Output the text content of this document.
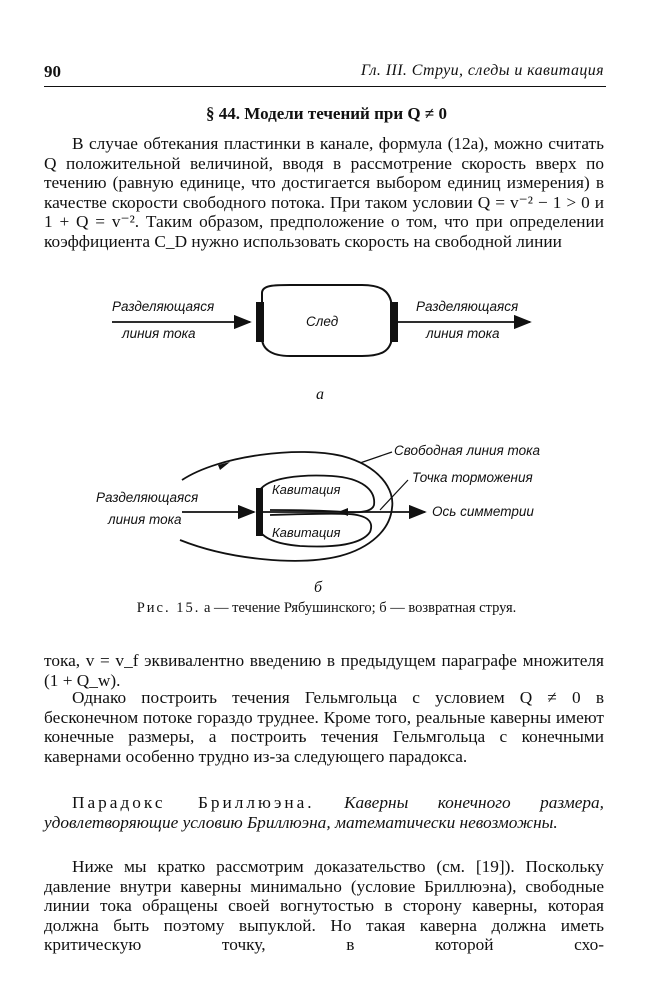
90	Гл. III. Струи, следы и кавитация
§ 44. Модели течений при Q ≠ 0

В случае обтекания пластинки в канале, формула (12а), можно считать Q положительной величиной, вводя в рассмотрение скорость вверх по течению (равную единице, что достигается выбором единиц измерения) в качестве скорости свободного потока. При таком условии Q = v⁻² − 1 > 0 и 1 + Q = v⁻². Таким образом, предположение о том, что при определении коэффициента C_D нужно использовать скорость на свободной линии

Разделяющаяся
линия тока
След
Разделяющаяся
линия тока
а
Разделяющаяся
линия тока
Свободная линия тока
Точка торможения
Ось симметрии
Кавитация
Кавитация
б
Рис. 15. а — течение Рябушинского; б — возвратная струя.

тока, v = v_f эквивалентно введению в предыдущем параграфе множителя (1 + Q_w).

Однако построить течения Гельмгольца с условием Q ≠ 0 в бесконечном потоке гораздо труднее. Кроме того, реальные каверны имеют конечные размеры, а построить течения Гельмгольца с конечными кавернами особенно трудно из-за следующего парадокса.

Парадокс Бриллюэна. Каверны конечного размера, удовлетворяющие условию Бриллюэна, математически невозможны.

Ниже мы кратко рассмотрим доказательство (см. [19]). Поскольку давление внутри каверны минимально (условие Бриллюэна), свободные линии тока обращены своей вогнутостью в сторону каверны, которая должна быть поэтому выпуклой. Но такая каверна должна иметь критическую точку, в которой схо-
